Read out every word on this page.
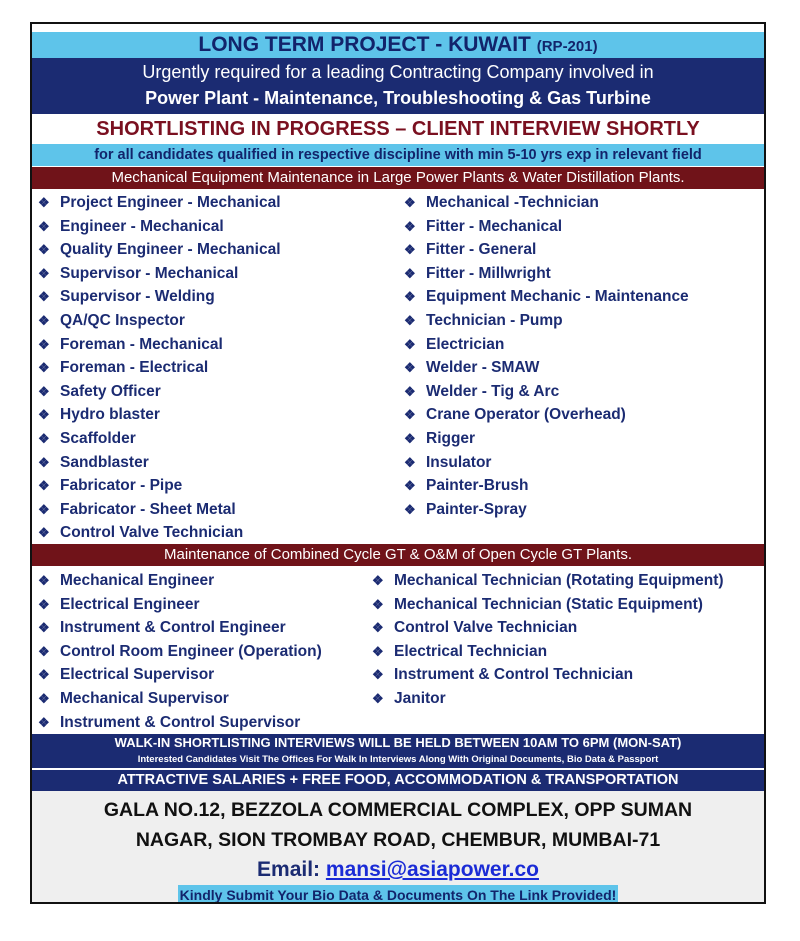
LONG TERM PROJECT - KUWAIT (RP-201)
Urgently required for a leading Contracting Company involved in
Power Plant - Maintenance, Troubleshooting & Gas Turbine
SHORTLISTING IN PROGRESS – CLIENT INTERVIEW SHORTLY
for all candidates qualified in respective discipline with min 5-10 yrs exp in relevant field
Mechanical Equipment Maintenance in Large Power Plants & Water Distillation Plants.
❖ Project Engineer - Mechanical
❖ Engineer - Mechanical
❖ Quality Engineer - Mechanical
❖ Supervisor - Mechanical
❖ Supervisor - Welding
❖ QA/QC Inspector
❖ Foreman - Mechanical
❖ Foreman - Electrical
❖ Safety Officer
❖ Hydro blaster
❖ Scaffolder
❖ Sandblaster
❖ Fabricator - Pipe
❖ Fabricator - Sheet Metal
❖ Control Valve Technician
❖ Mechanical -Technician
❖ Fitter - Mechanical
❖ Fitter - General
❖ Fitter - Millwright
❖ Equipment Mechanic - Maintenance
❖ Technician - Pump
❖ Electrician
❖ Welder - SMAW
❖ Welder - Tig & Arc
❖ Crane Operator (Overhead)
❖ Rigger
❖ Insulator
❖ Painter-Brush
❖ Painter-Spray
Maintenance of Combined Cycle GT & O&M of Open Cycle GT Plants.
❖ Mechanical Engineer
❖ Electrical Engineer
❖ Instrument & Control Engineer
❖ Control Room Engineer (Operation)
❖ Electrical Supervisor
❖ Mechanical Supervisor
❖ Instrument & Control Supervisor
❖ Mechanical Technician (Rotating Equipment)
❖ Mechanical Technician (Static Equipment)
❖ Control Valve Technician
❖ Electrical Technician
❖ Instrument & Control Technician
❖ Janitor
WALK-IN SHORTLISTING INTERVIEWS WILL BE HELD BETWEEN 10AM TO 6PM (MON-SAT)
Interested Candidates Visit The Offices For Walk In Interviews Along With Original Documents, Bio Data & Passport
ATTRACTIVE SALARIES + FREE FOOD, ACCOMMODATION & TRANSPORTATION
GALA NO.12, BEZZOLA COMMERCIAL COMPLEX, OPP SUMAN
NAGAR, SION TROMBAY ROAD, CHEMBUR, MUMBAI-71
Email: mansi@asiapower.co
Kindly Submit Your Bio Data & Documents On The Link Provided!
